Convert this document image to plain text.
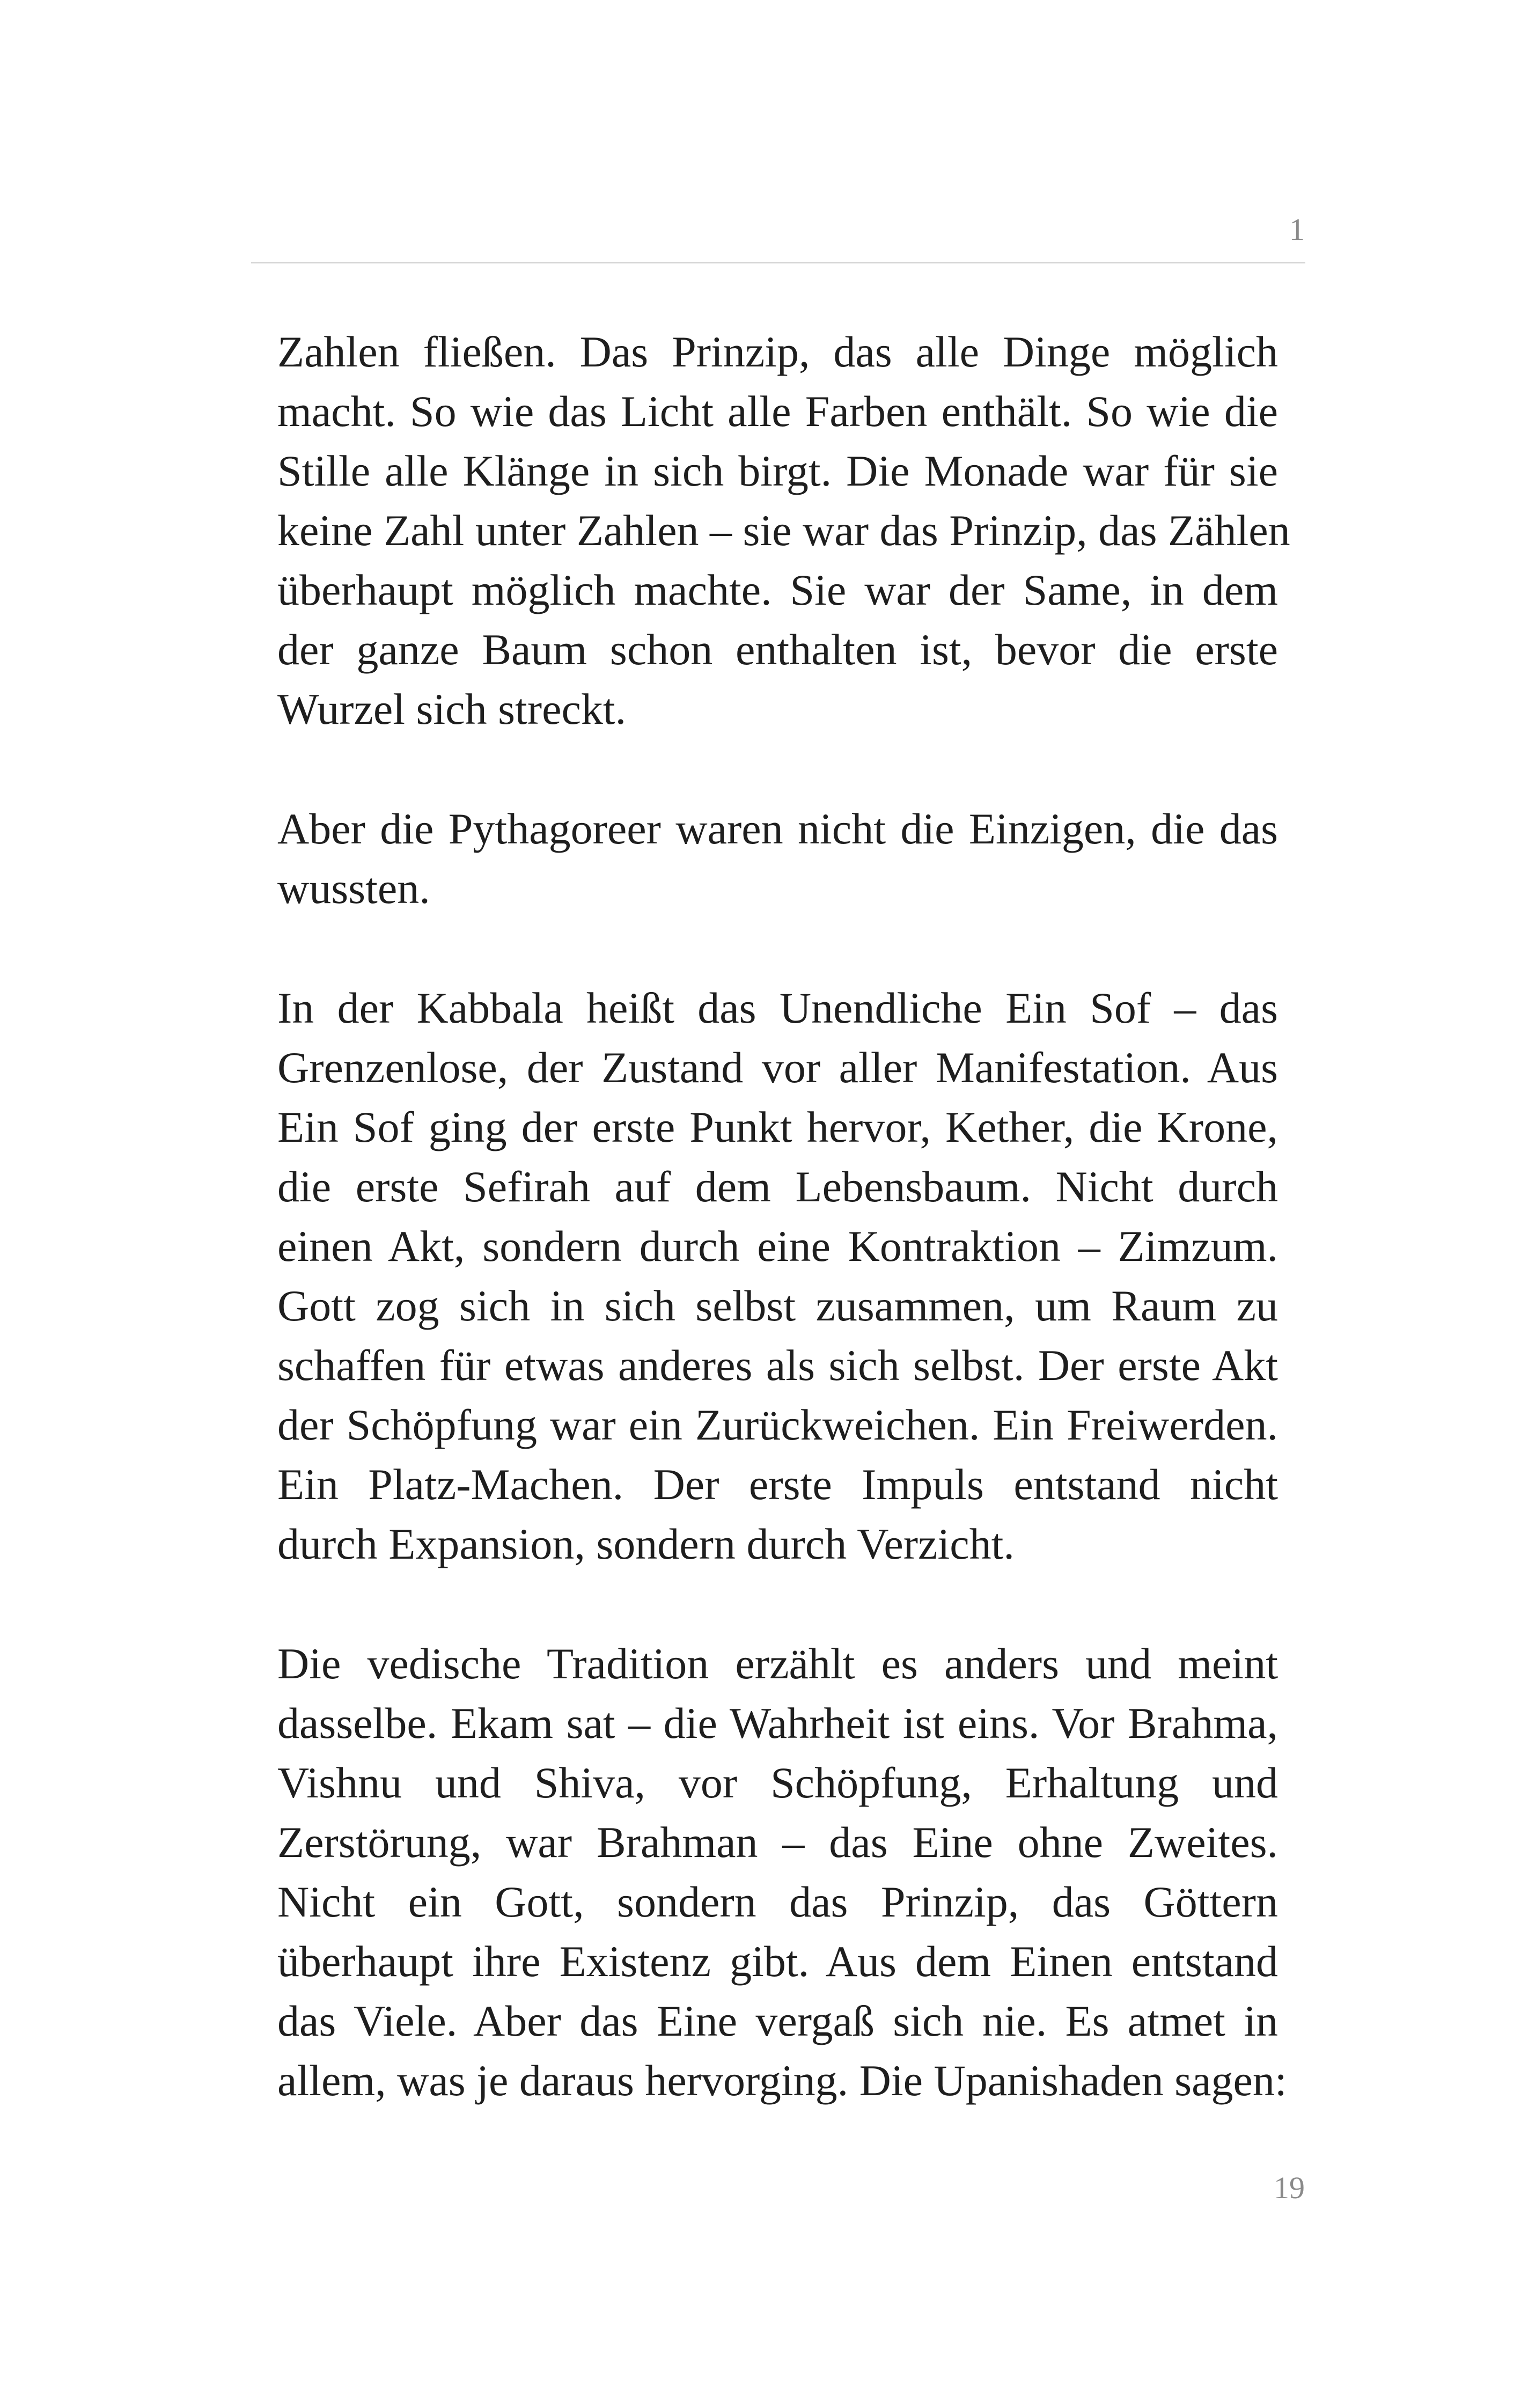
1

Zahlen fließen. Das Prinzip, das alle Dinge möglich
macht. So wie das Licht alle Farben enthält. So wie die
Stille alle Klänge in sich birgt. Die Monade war für sie
keine Zahl unter Zahlen – sie war das Prinzip, das Zählen
überhaupt möglich machte. Sie war der Same, in dem
der ganze Baum schon enthalten ist, bevor die erste
Wurzel sich streckt.

Aber die Pythagoreer waren nicht die Einzigen, die das
wussten.

In der Kabbala heißt das Unendliche Ein Sof – das
Grenzenlose, der Zustand vor aller Manifestation. Aus
Ein Sof ging der erste Punkt hervor, Kether, die Krone,
die erste Sefirah auf dem Lebensbaum. Nicht durch
einen Akt, sondern durch eine Kontraktion – Zimzum.
Gott zog sich in sich selbst zusammen, um Raum zu
schaffen für etwas anderes als sich selbst. Der erste Akt
der Schöpfung war ein Zurückweichen. Ein Freiwerden.
Ein Platz-Machen. Der erste Impuls entstand nicht
durch Expansion, sondern durch Verzicht.

Die vedische Tradition erzählt es anders und meint
dasselbe. Ekam sat – die Wahrheit ist eins. Vor Brahma,
Vishnu und Shiva, vor Schöpfung, Erhaltung und
Zerstörung, war Brahman – das Eine ohne Zweites.
Nicht ein Gott, sondern das Prinzip, das Göttern
überhaupt ihre Existenz gibt. Aus dem Einen entstand
das Viele. Aber das Eine vergaß sich nie. Es atmet in
allem, was je daraus hervorging. Die Upanishaden sagen:

19
